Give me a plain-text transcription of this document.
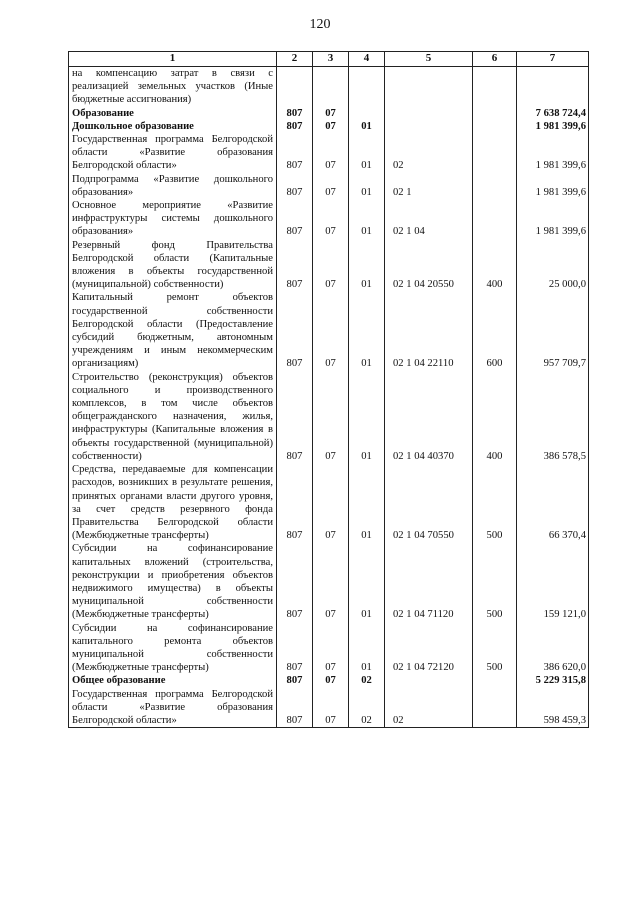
120
1	2	3	4	5	6	7
на компенсацию затрат в связи с реализацией земельных участков (Иные бюджетные ассигнования)						
Образование	807	07				7 638 724,4
Дошкольное образование	807	07	01			1 981 399,6
Государственная программа Белгородской области «Развитие образования Белгородской области»	807	07	01	02		1 981 399,6
Подпрограмма «Развитие дошкольного образования»	807	07	01	02 1		1 981 399,6
Основное мероприятие «Развитие инфраструктуры системы дошкольного образования»	807	07	01	02 1 04		1 981 399,6
Резервный фонд Правительства Белгородской области (Капитальные вложения в объекты государственной (муниципальной) собственности)	807	07	01	02 1 04 20550	400	25 000,0
Капитальный ремонт объектов государственной собственности Белгородской области (Предоставление субсидий бюджетным, автономным учреждениям и иным некоммерческим организациям)	807	07	01	02 1 04 22110	600	957 709,7
Строительство (реконструкция) объектов социального и производственного комплексов, в том числе объектов общегражданского назначения, жилья, инфраструктуры (Капитальные вложения в объекты государственной (муниципальной) собственности)	807	07	01	02 1 04 40370	400	386 578,5
Средства, передаваемые для компенсации расходов, возникших в результате решения, принятых органами власти другого уровня, за счет средств резервного фонда Правительства Белгородской области (Межбюджетные трансферты)	807	07	01	02 1 04 70550	500	66 370,4
Субсидии на софинансирование капитальных вложений (строительства, реконструкции и приобретения объектов недвижимого имущества) в объекты муниципальной собственности (Межбюджетные трансферты)	807	07	01	02 1 04 71120	500	159 121,0
Субсидии на софинансирование капитального ремонта объектов муниципальной собственности (Межбюджетные трансферты)	807	07	01	02 1 04 72120	500	386 620,0
Общее образование	807	07	02			5 229 315,8
Государственная программа Белгородской области «Развитие образования Белгородской области»	807	07	02	02		598 459,3
